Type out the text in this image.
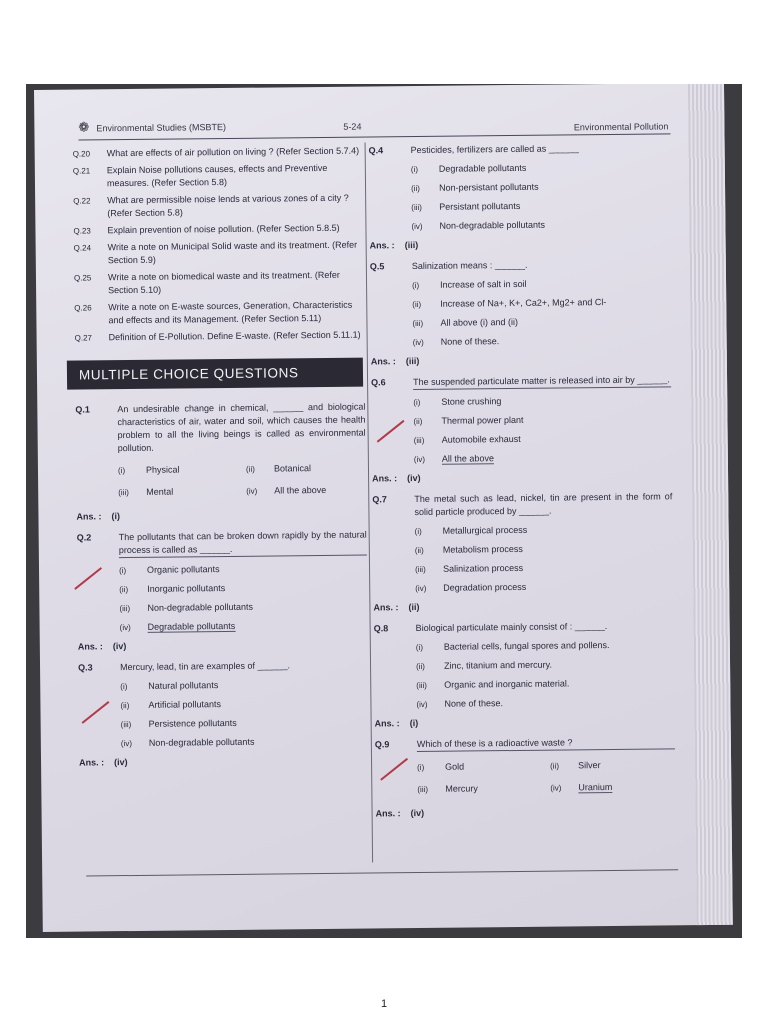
❁ Environmental Studies (MSBTE)	5-24	Environmental Pollution
Q.20 What are effects of air pollution on living ? (Refer Section 5.7.4)
Q.21 Explain Noise pollutions causes, effects and Preventive measures. (Refer Section 5.8)
Q.22 What are permissible noise lends at various zones of a city ? (Refer Section 5.8)
Q.23 Explain prevention of noise pollution. (Refer Section 5.8.5)
Q.24 Write a note on Municipal Solid waste and its treatment. (Refer Section 5.9)
Q.25 Write a note on biomedical waste and its treatment. (Refer Section 5.10)
Q.26 Write a note on E-waste sources, Generation, Characteristics and effects and its Management. (Refer Section 5.11)
Q.27 Definition of E-Pollution. Define E-waste. (Refer Section 5.11.1)
MULTIPLE CHOICE QUESTIONS
Q.1	An undesirable change in chemical, ______ and biological characteristics of air, water and soil, which causes the health problem to all the living beings is called as environmental pollution.
(i) Physical	(ii) Botanical
(iii) Mental	(iv) All the above
Ans. : (i)
Q.2	The pollutants that can be broken down rapidly by the natural process is called as ______.
(i) Organic pollutants
(ii) Inorganic pollutants
(iii) Non-degradable pollutants
(iv) Degradable pollutants
Ans. : (iv)
Q.3	Mercury, lead, tin are examples of ______.
(i) Natural pollutants
(ii) Artificial pollutants
(iii) Persistence pollutants
(iv) Non-degradable pollutants
Ans. : (iv)
Q.4	Pesticides, fertilizers are called as ______
(i) Degradable pollutants
(ii) Non-persistant pollutants
(iii) Persistant pollutants
(iv) Non-degradable pollutants
Ans. : (iii)
Q.5	Salinization means : ______.
(i) Increase of salt in soil
(ii) Increase of Na+, K+, Ca2+, Mg2+ and Cl-
(iii) All above (i) and (ii)
(iv) None of these.
Ans. : (iii)
Q.6	The suspended particulate matter is released into air by ______.
(i) Stone crushing
(ii) Thermal power plant
(iii) Automobile exhaust
(iv) All the above
Ans. : (iv)
Q.7	The metal such as lead, nickel, tin are present in the form of solid particle produced by ______.
(i) Metallurgical process
(ii) Metabolism process
(iii) Salinization process
(iv) Degradation process
Ans. : (ii)
Q.8	Biological particulate mainly consist of : ______.
(i) Bacterial cells, fungal spores and pollens.
(ii) Zinc, titanium and mercury.
(iii) Organic and inorganic material.
(iv) None of these.
Ans. : (i)
Q.9	Which of these is a radioactive waste ?
(i) Gold	(ii) Silver
(iii) Mercury	(iv) Uranium
Ans. : (iv)
1
